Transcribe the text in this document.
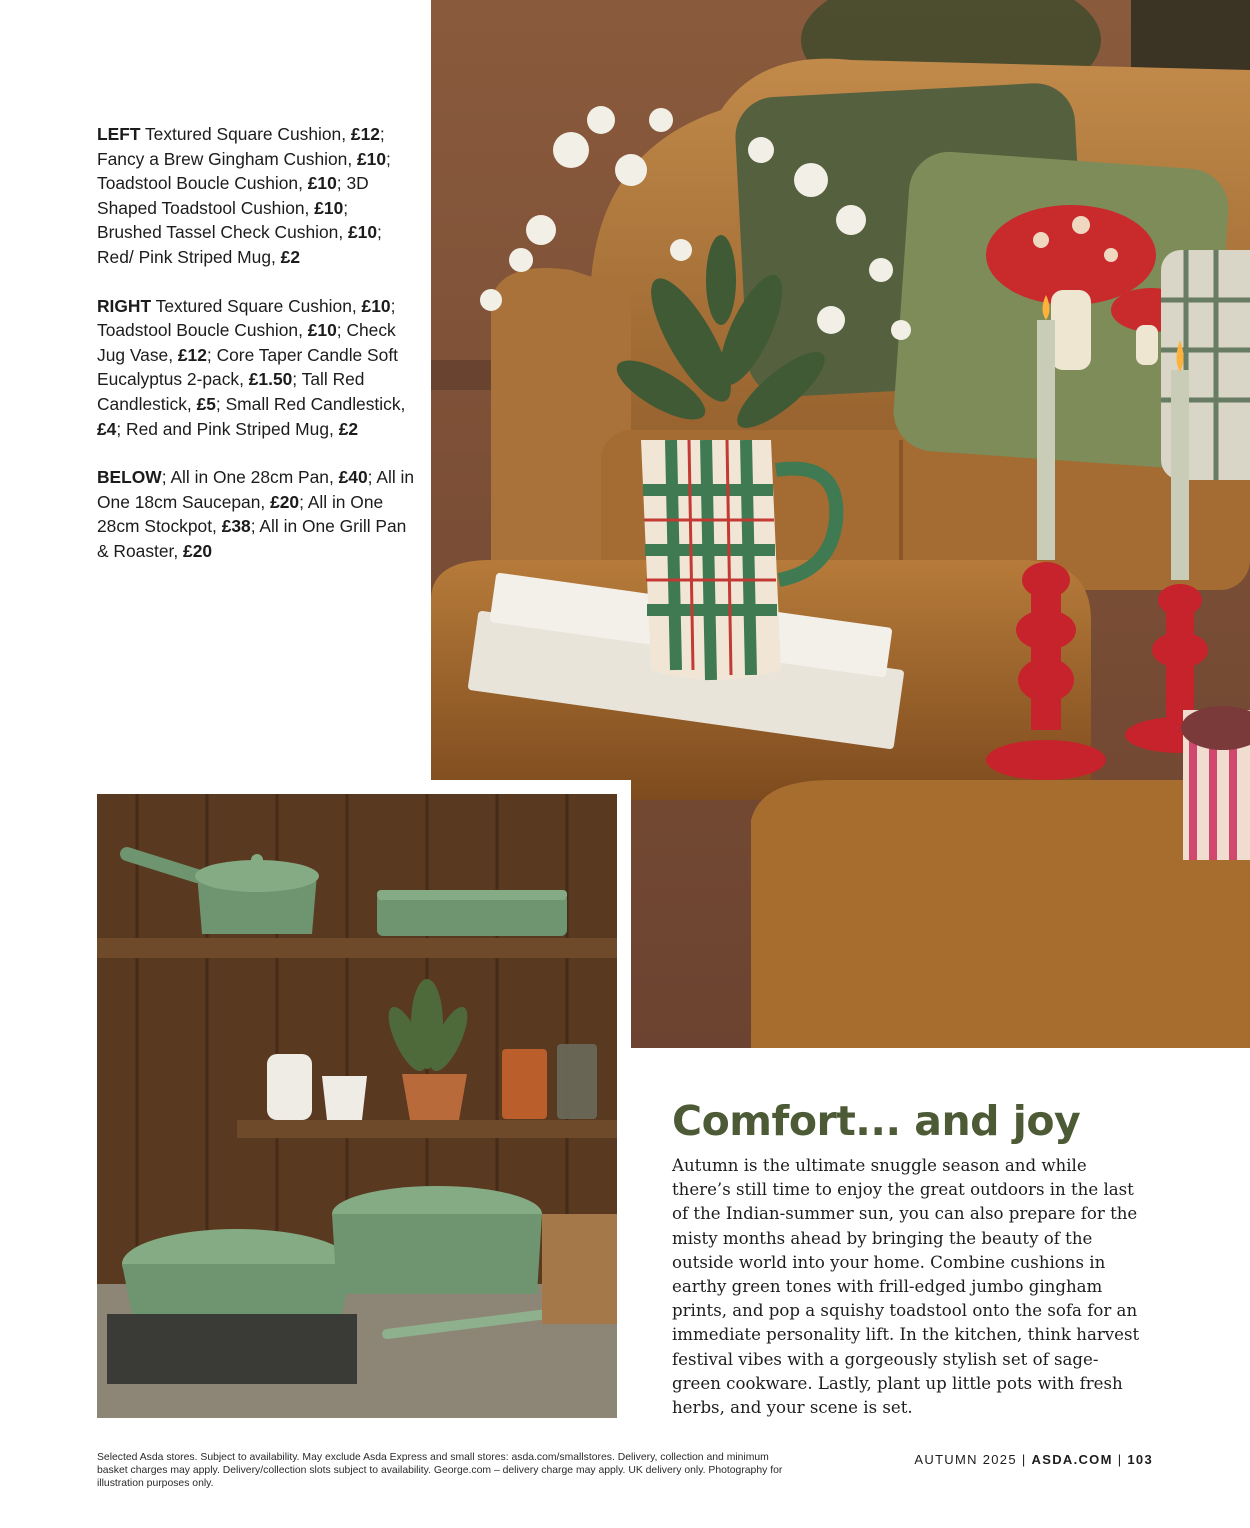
LEFT Textured Square Cushion, £12; Fancy a Brew Gingham Cushion, £10; Toadstool Boucle Cushion, £10; 3D Shaped Toadstool Cushion, £10; Brushed Tassel Check Cushion, £10; Red/ Pink Striped Mug, £2

RIGHT Textured Square Cushion, £10; Toadstool Boucle Cushion, £10; Check Jug Vase, £12; Core Taper Candle Soft Eucalyptus 2-pack, £1.50; Tall Red Candlestick, £5; Small Red Candlestick, £4; Red and Pink Striped Mug, £2

BELOW; All in One 28cm Pan, £40; All in One 18cm Saucepan, £20; All in One 28cm Stockpot, £38; All in One Grill Pan & Roaster, £20

Comfort... and joy

Autumn is the ultimate snuggle season and while there’s still time to enjoy the great outdoors in the last of the Indian-summer sun, you can also prepare for the misty months ahead by bringing the beauty of the outside world into your home. Combine cushions in earthy green tones with frill-edged jumbo gingham prints, and pop a squishy toadstool onto the sofa for an immediate personality lift. In the kitchen, think harvest festival vibes with a gorgeously stylish set of sage-green cookware. Lastly, plant up little pots with fresh herbs, and your scene is set.

Selected Asda stores. Subject to availability. May exclude Asda Express and small stores: asda.com/smallstores. Delivery, collection and minimum basket charges may apply. Delivery/collection slots subject to availability. George.com – delivery charge may apply. UK delivery only. Photography for illustration purposes only.

AUTUMN 2025 | ASDA.COM | 103
